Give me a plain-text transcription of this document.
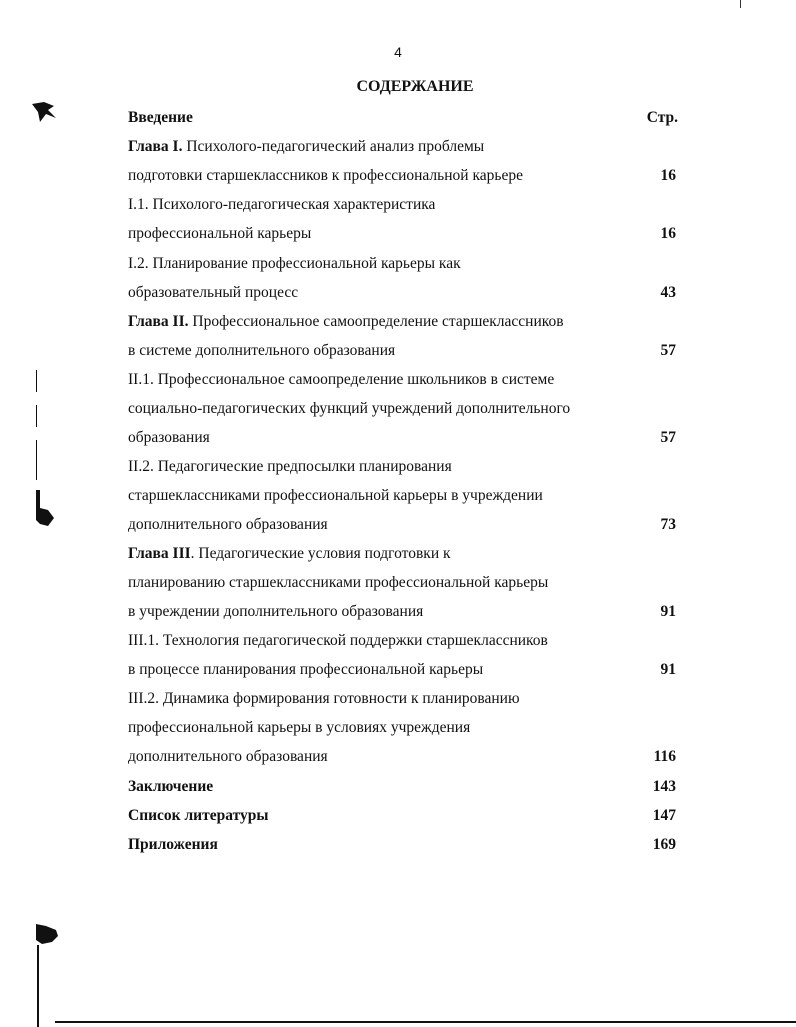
4
СОДЕРЖАНИЕ
Введение	Стр.
Глава I. Психолого-педагогический анализ проблемы
подготовки старшеклассников к профессиональной карьере	16
I.1. Психолого-педагогическая характеристика
профессиональной карьеры	16
I.2. Планирование профессиональной карьеры как
образовательный процесс	43
Глава II. Профессиональное самоопределение старшеклассников
в системе дополнительного образования	57
II.1. Профессиональное самоопределение школьников в системе
социально-педагогических функций учреждений дополнительного
образования	57
II.2. Педагогические предпосылки планирования
старшеклассниками профессиональной карьеры в учреждении
дополнительного образования	73
Глава III. Педагогические условия подготовки к
планированию старшеклассниками профессиональной карьеры
в учреждении дополнительного образования	91
III.1. Технология педагогической поддержки старшеклассников
в процессе планирования профессиональной карьеры	91
III.2. Динамика формирования готовности к планированию
профессиональной карьеры в условиях учреждения
дополнительного образования	116
Заключение	143
Список литературы	147
Приложения	169
